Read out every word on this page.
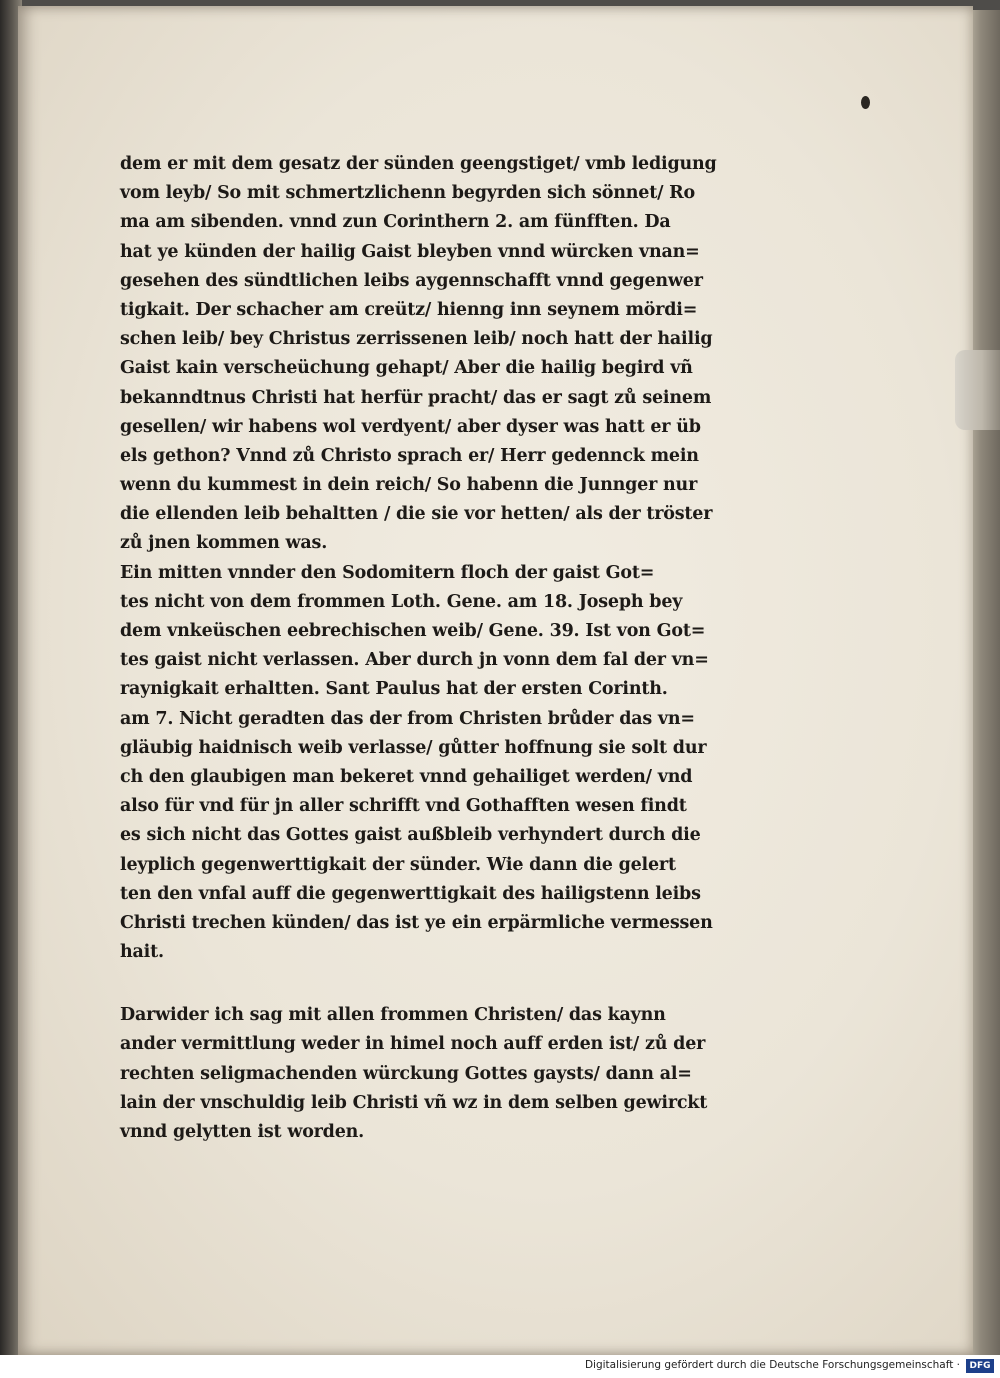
dem er mit dem gesatz der sünden geengstiget/ vmb ledigung
vom leyb/ So mit schmertzlichenn begyrden sich sönnet/ Ro
ma am sibenden. vnnd zun Corinthern 2. am fünfften. Da
hat ye künden der hailig Gaist bleyben vnnd würcken vnan=
gesehen des sündtlichen leibs aygennschafft vnnd gegenwer
tigkait. Der schacher am creütz/ hienng inn seynem mördi=
schen leib/ bey Christus zerrissenen leib/ noch hatt der hailig
Gaist kain verscheüchung gehapt/ Aber die hailig begird vñ
bekanndtnus Christi hat herfür pracht/ das er sagt zů seinem
gesellen/ wir habens wol verdyent/ aber dyser was hatt er üb
els gethon? Vnnd zů Christo sprach er/ Herr gedennck mein
wenn du kummest in dein reich/ So habenn die Junnger nur
die ellenden leib behaltten / die sie vor hetten/ als der tröster
zů jnen kommen was.
Ein mitten vnnder den Sodomitern floch der gaist Got=
tes nicht von dem frommen Loth. Gene. am 18. Joseph bey
dem vnkeüschen eebrechischen weib/ Gene. 39. Ist von Got=
tes gaist nicht verlassen. Aber durch jn vonn dem fal der vn=
raynigkait erhaltten. Sant Paulus hat der ersten Corinth.
am 7. Nicht geradten das der from Christen brůder das vn=
gläubig haidnisch weib verlasse/ gůtter hoffnung sie solt dur
ch den glaubigen man bekeret vnnd gehailiget werden/ vnd
also für vnd für jn aller schrifft vnd Gothafften wesen findt
es sich nicht das Gottes gaist außbleib verhyndert durch die
leyplich gegenwerttigkait der sünder. Wie dann die gelert
ten den vnfal auff die gegenwerttigkait des hailigstenn leibs
Christi trechen künden/ das ist ye ein erpärmliche vermessen
hait.
Darwider ich sag mit allen frommen Christen/ das kaynn
ander vermittlung weder in himel noch auff erden ist/ zů der
rechten seligmachenden würckung Gottes gaysts/ dann al=
lain der vnschuldig leib Christi vñ wz in dem selben gewirckt
vnnd gelytten ist worden.
Digitalisierung gefördert durch die Deutsche Forschungsgemeinschaft ·	DFG
